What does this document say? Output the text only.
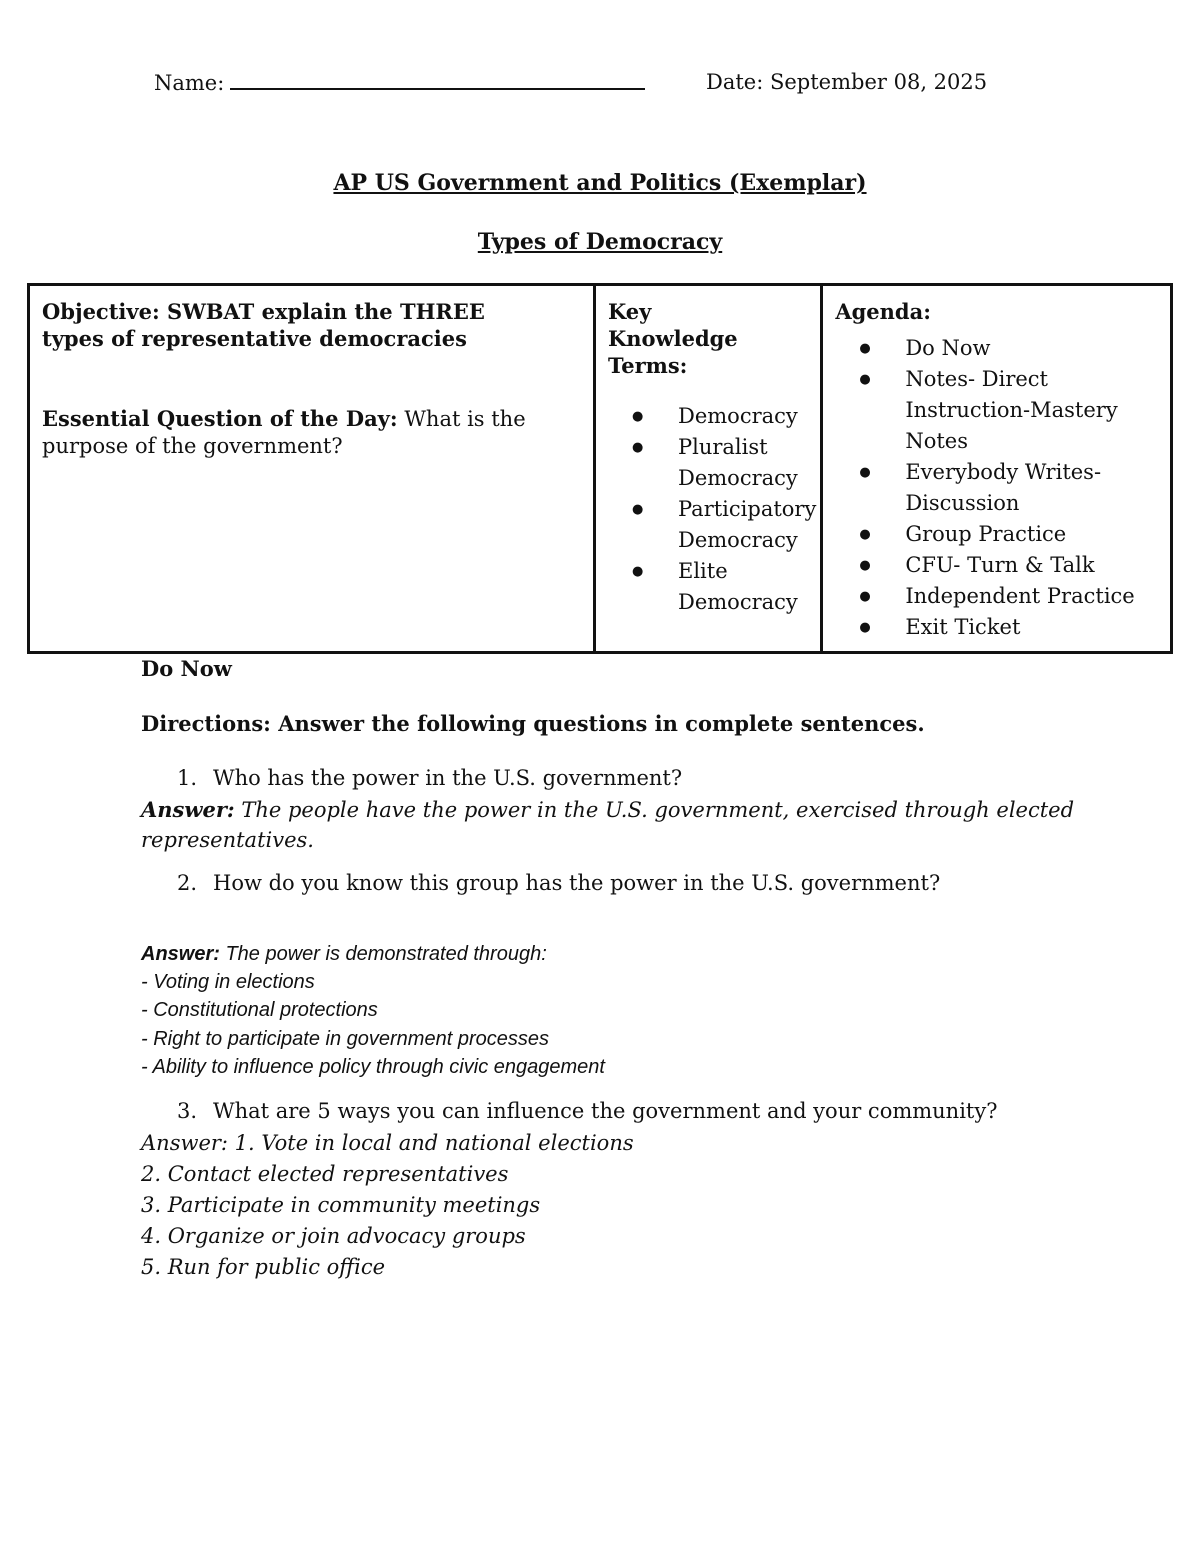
Name:	Date: September 08, 2025
AP US Government and Politics (Exemplar)
Types of Democracy
Objective: SWBAT explain the THREE types of representative democracies
Essential Question of the Day: What is the purpose of the government?

Key Knowledge Terms:
● Democracy
● Pluralist Democracy
● Participatory Democracy
● Elite Democracy

Agenda:
● Do Now
● Notes- Direct Instruction-Mastery Notes
● Everybody Writes-Discussion
● Group Practice
● CFU- Turn & Talk
● Independent Practice
● Exit Ticket
Do Now
Directions: Answer the following questions in complete sentences.
1. Who has the power in the U.S. government?
Answer: The people have the power in the U.S. government, exercised through elected
representatives.
2. How do you know this group has the power in the U.S. government?
Answer: The power is demonstrated through:
- Voting in elections
- Constitutional protections
- Right to participate in government processes
- Ability to influence policy through civic engagement
3. What are 5 ways you can influence the government and your community?
Answer: 1. Vote in local and national elections
2. Contact elected representatives
3. Participate in community meetings
4. Organize or join advocacy groups
5. Run for public office
